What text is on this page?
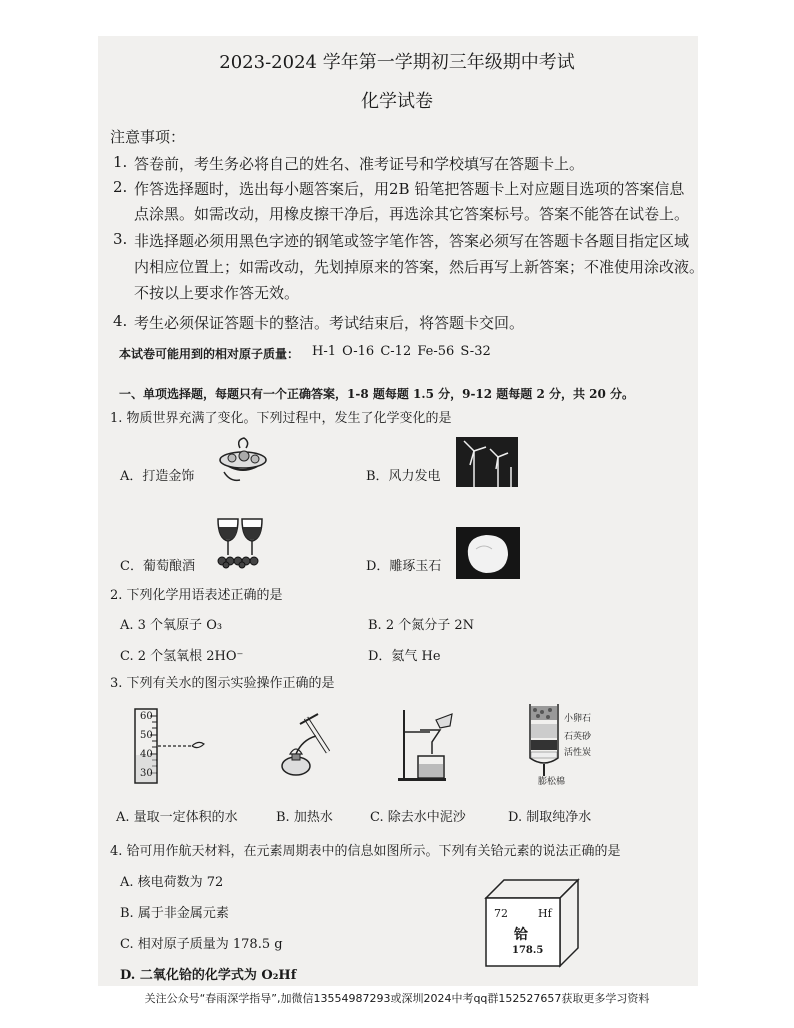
2023-2024 学年第一学期初三年级期中考试
化学试卷
注意事项：
1. 答卷前，考生务必将自己的姓名、准考证号和学校填写在答题卡上。
2. 作答选择题时，选出每小题答案后，用2B 铅笔把答题卡上对应题目选项的答案信息
点涂黑。如需改动，用橡皮擦干净后，再选涂其它答案标号。答案不能答在试卷上。
3. 非选择题必须用黑色字迹的钢笔或签字笔作答，答案必须写在答题卡各题目指定区域
内相应位置上；如需改动，先划掉原来的答案，然后再写上新答案；不准使用涂改液。
不按以上要求作答无效。
4. 考生必须保证答题卡的整洁。考试结束后，将答题卡交回。
本试卷可能用到的相对原子质量： H-1 O-16 C-12 Fe-56 S-32
一、单项选择题，每题只有一个正确答案，1-8 题每题 1.5 分，9-12 题每题 2 分，共 20 分。
1. 物质世界充满了变化。下列过程中，发生了化学变化的是
A．打造金饰	B．风力发电
C．葡萄酿酒	D．雕琢玉石
2. 下列化学用语表述正确的是
A. 3 个氧原子 O₃	B. 2 个氮分子 2N
C. 2 个氢氧根 2HO⁻	D．氦气 He
3. 下列有关水的图示实验操作正确的是
60
50
40
30
小卵石
石英砂
活性炭
膨松棉
A. 量取一定体积的水	B. 加热水	C. 除去水中泥沙	D. 制取纯净水
4. 铪可用作航天材料，在元素周期表中的信息如图所示。下列有关铪元素的说法正确的是
A. 核电荷数为 72
B. 属于非金属元素
C. 相对原子质量为 178.5 g
D. 二氧化铪的化学式为 O₂Hf
72	Hf
铪
178.5
关注公众号“春雨深学指导”,加微信13554987293或深圳2024中考qq群152527657获取更多学习资料
